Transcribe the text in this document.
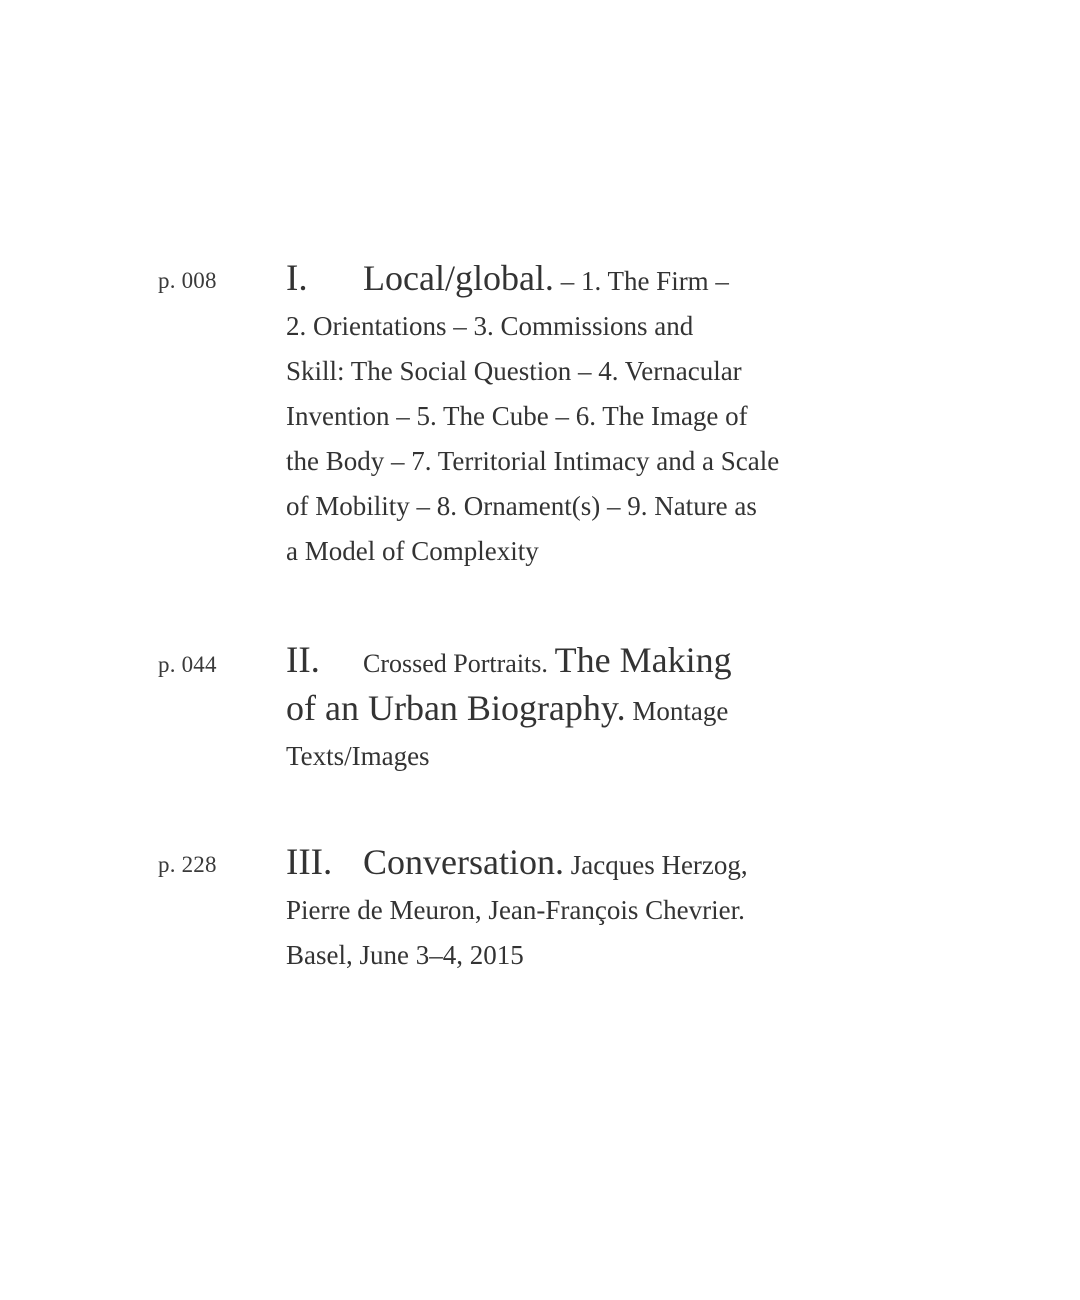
p. 008 I. Local/global. – 1. The Firm –
2. Orientations – 3. Commissions and
Skill: The Social Question – 4. Vernacular
Invention – 5. The Cube – 6. The Image of
the Body – 7. Territorial Intimacy and a Scale
of Mobility – 8. Ornament(s) – 9. Nature as
a Model of Complexity
p. 044 II. Crossed Portraits. The Making
of an Urban Biography. Montage
Texts/Images
p. 228 III. Conversation. Jacques Herzog,
Pierre de Meuron, Jean-François Chevrier.
Basel, June 3–4, 2015
